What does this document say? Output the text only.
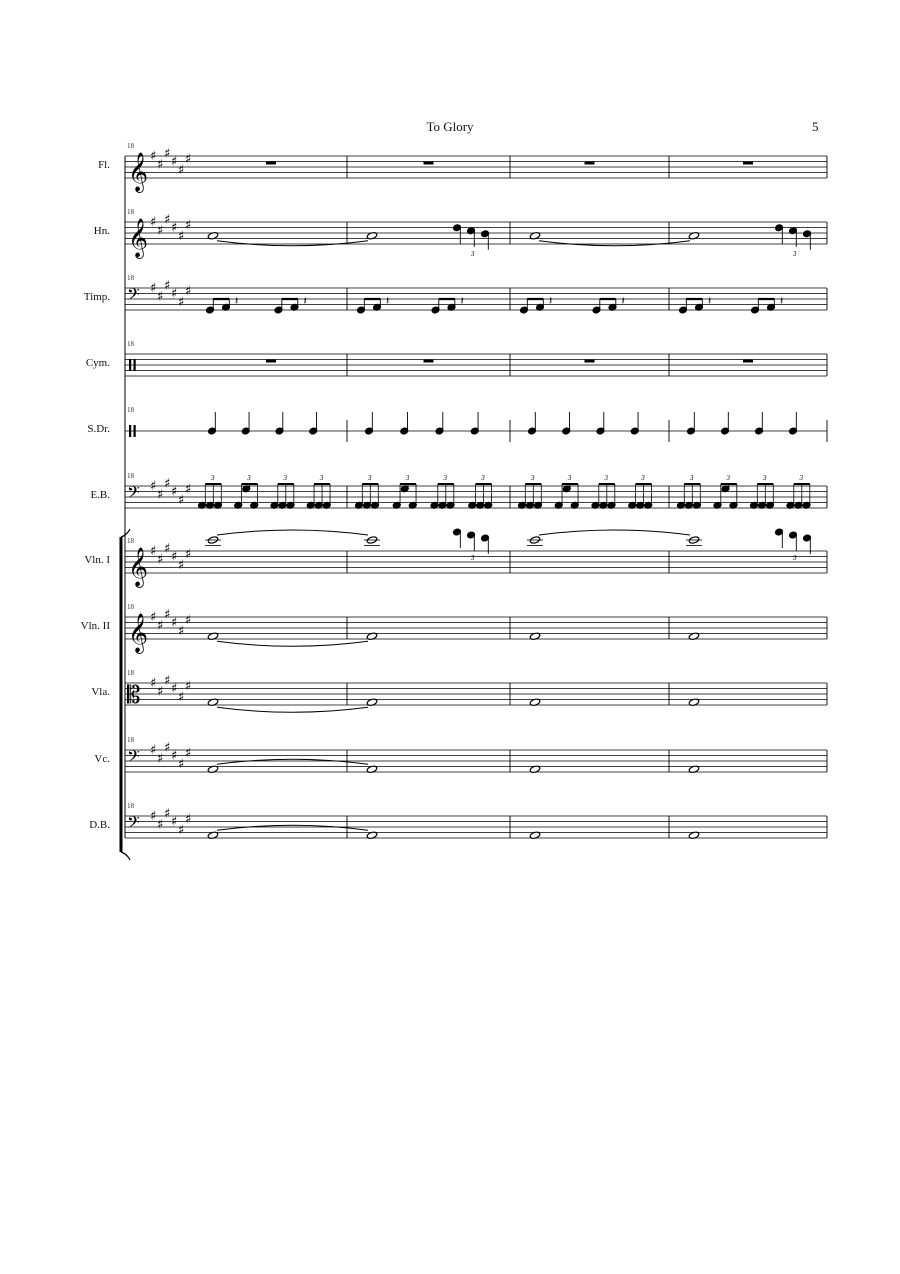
To Glory	5
Fl.
Hn.
Timp.
Cym.
S.Dr.
E.B.
Vln. I
Vln. II
Vla.
Vc.
D.B.
18
𝄞 ♯
♯
♯
♯
♯
♯
18
𝄞 ♯
♯
♯
♯
♯
♯
3	3
18
𝄢 ♯
♯
♯
♯
♯
♯
𝄽	𝄽	𝄽	𝄽	𝄽	𝄽	𝄽	𝄽
18
18
18
𝄢 ♯
♯
♯
♯
♯
♯
3	3	3	3	3	3	3	3	3	3	3	3	3	3	3	3
18
𝄞 ♯
♯
♯
♯
♯
♯	3	3
18
𝄞 ♯
♯
♯
♯
♯
♯
18
𝄡 ♯
♯
♯
♯
♯
♯
18
𝄢 ♯
♯
♯
♯
♯
♯
18
𝄢 ♯
♯
♯
♯
♯
♯
